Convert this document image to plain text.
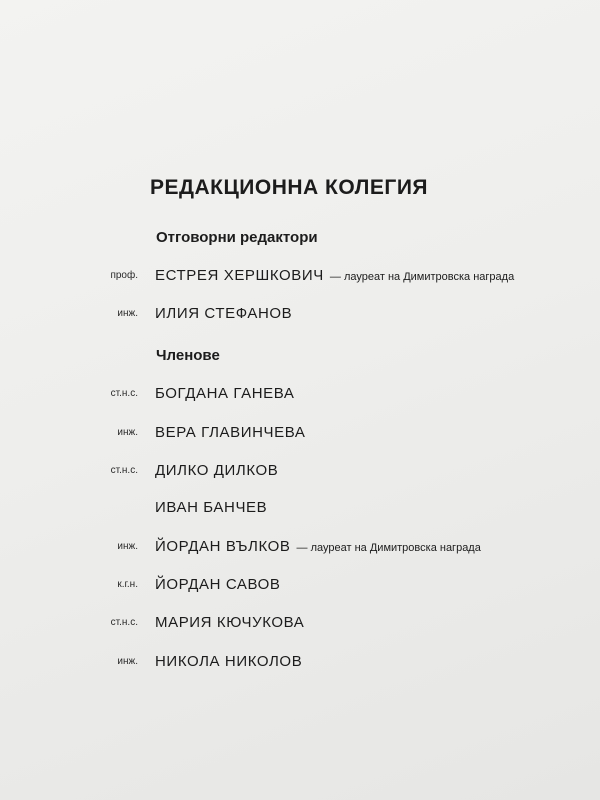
РЕДАКЦИОННА КОЛЕГИЯ
Отговорни редактори
проф. ЕСТРЕЯ ХЕРШКОВИЧ — лауреат на Димитровска награда
инж. ИЛИЯ СТЕФАНОВ
Членове
ст.н.с. БОГДАНА ГАНЕВА
инж. ВЕРА ГЛАВИНЧЕВА
ст.н.с. ДИЛКО ДИЛКОВ
ИВАН БАНЧЕВ
инж. ЙОРДАН ВЪЛКОВ — лауреат на Димитровска награда
к.г.н. ЙОРДАН САВОВ
ст.н.с. МАРИЯ КЮЧУКОВА
инж. НИКОЛА НИКОЛОВ
